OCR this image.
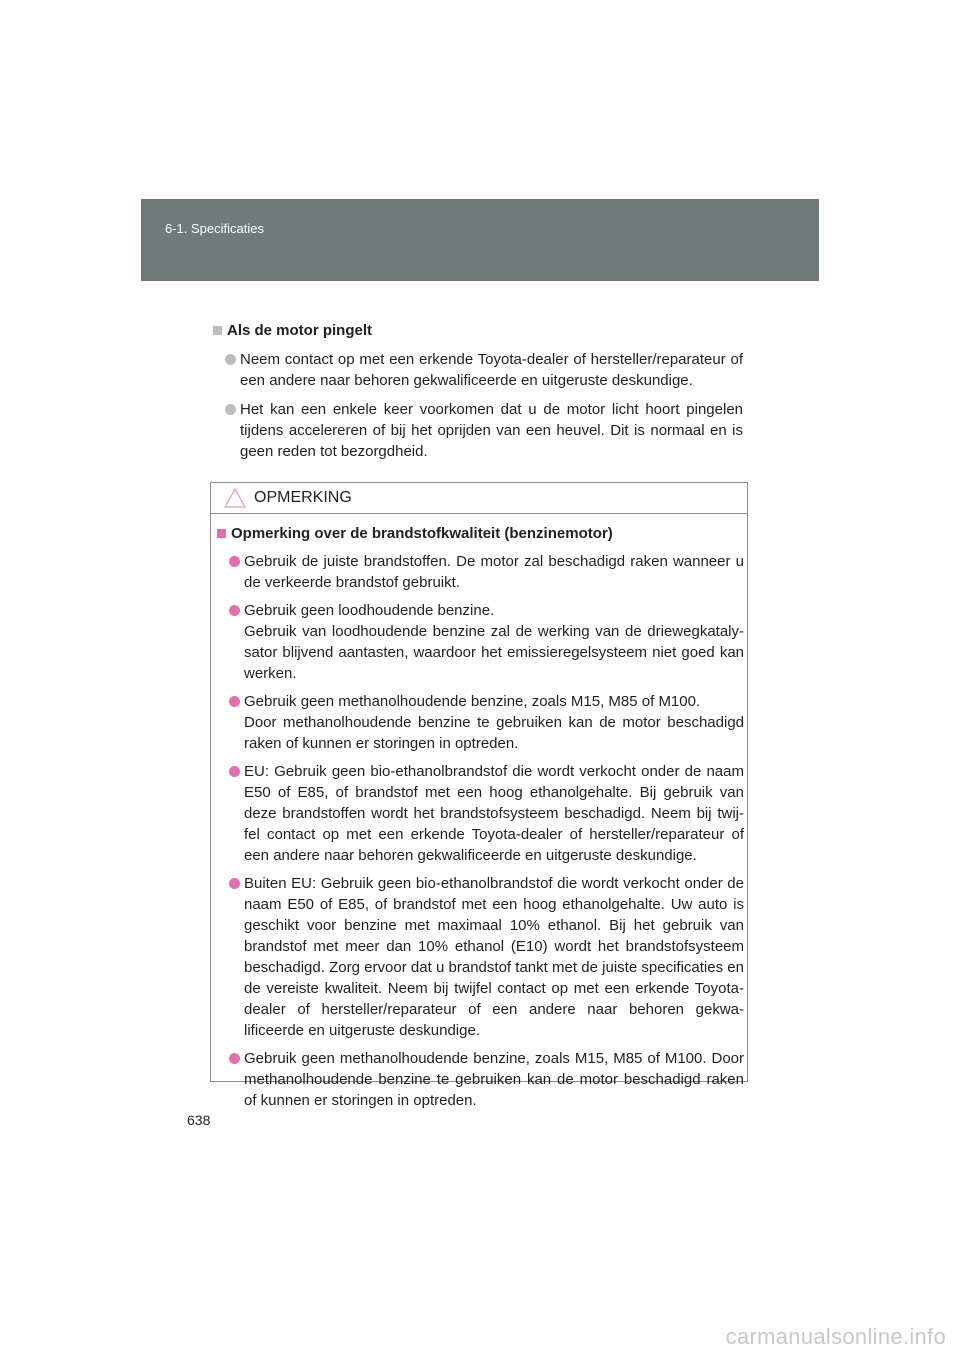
6-1. Specificaties
Als de motor pingelt
Neem contact op met een erkende Toyota-dealer of hersteller/reparateur of een andere naar behoren gekwalificeerde en uitgeruste deskundige.
Het kan een enkele keer voorkomen dat u de motor licht hoort pingelen tijdens accelereren of bij het oprijden van een heuvel. Dit is normaal en is geen reden tot bezorgdheid.
OPMERKING
Opmerking over de brandstofkwaliteit (benzinemotor)
Gebruik de juiste brandstoffen. De motor zal beschadigd raken wanneer u de verkeerde brandstof gebruikt.
Gebruik geen loodhoudende benzine.
Gebruik van loodhoudende benzine zal de werking van de driewegkataly-sator blijvend aantasten, waardoor het emissieregelsysteem niet goed kan werken.
Gebruik geen methanolhoudende benzine, zoals M15, M85 of M100.
Door methanolhoudende benzine te gebruiken kan de motor beschadigd raken of kunnen er storingen in optreden.
EU: Gebruik geen bio-ethanolbrandstof die wordt verkocht onder de naam E50 of E85, of brandstof met een hoog ethanolgehalte. Bij gebruik van deze brandstoffen wordt het brandstofsysteem beschadigd. Neem bij twij-fel contact op met een erkende Toyota-dealer of hersteller/reparateur of een andere naar behoren gekwalificeerde en uitgeruste deskundige.
Buiten EU: Gebruik geen bio-ethanolbrandstof die wordt verkocht onder de naam E50 of E85, of brandstof met een hoog ethanolgehalte. Uw auto is geschikt voor benzine met maximaal 10% ethanol. Bij het gebruik van brandstof met meer dan 10% ethanol (E10) wordt het brandstofsysteem beschadigd. Zorg ervoor dat u brandstof tankt met de juiste specificaties en de vereiste kwaliteit. Neem bij twijfel contact op met een erkende Toyota-dealer of hersteller/reparateur of een andere naar behoren gekwa-lificeerde en uitgeruste deskundige.
Gebruik geen methanolhoudende benzine, zoals M15, M85 of M100. Door methanolhoudende benzine te gebruiken kan de motor beschadigd raken of kunnen er storingen in optreden.
638
carmanualsonline.info
